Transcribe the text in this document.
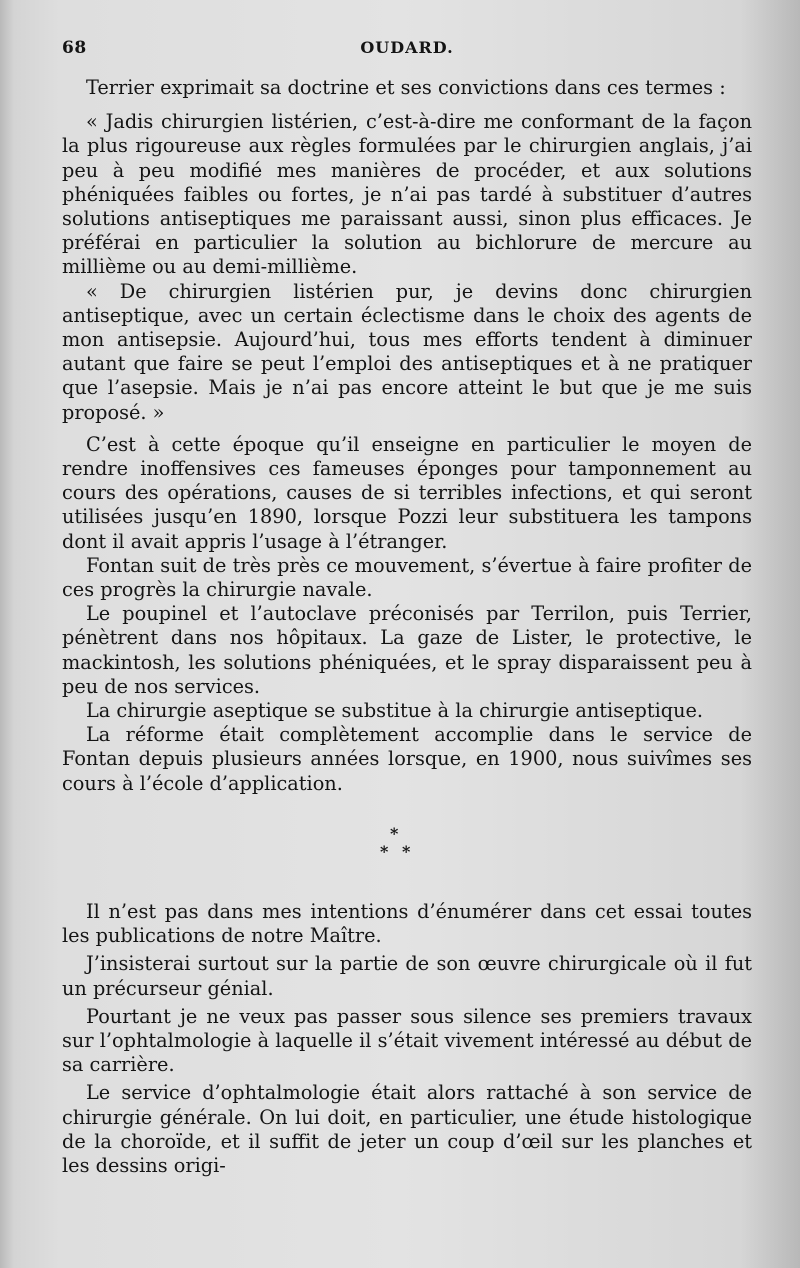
68	OUDARD.

Terrier exprimait sa doctrine et ses convictions dans ces termes :

« Jadis chirurgien listérien, c’est-à-dire me conformant de la façon la plus rigoureuse aux règles formulées par le chirurgien anglais, j’ai peu à peu modifié mes manières de procéder, et aux solutions phéniquées faibles ou fortes, je n’ai pas tardé à substituer d’autres solutions antiseptiques me paraissant aussi, sinon plus efficaces. Je préférai en particulier la solution au bichlorure de mercure au millième ou au demi-millième.

« De chirurgien listérien pur, je devins donc chirurgien antiseptique, avec un certain éclectisme dans le choix des agents de mon antisepsie. Aujourd’hui, tous mes efforts tendent à diminuer autant que faire se peut l’emploi des antiseptiques et à ne pratiquer que l’asepsie. Mais je n’ai pas encore atteint le but que je me suis proposé. »

C’est à cette époque qu’il enseigne en particulier le moyen de rendre inoffensives ces fameuses éponges pour tamponnement au cours des opérations, causes de si terribles infections, et qui seront utilisées jusqu’en 1890, lorsque Pozzi leur substituera les tampons dont il avait appris l’usage à l’étranger.

Fontan suit de très près ce mouvement, s’évertue à faire profiter de ces progrès la chirurgie navale.

Le poupinel et l’autoclave préconisés par Terrilon, puis Terrier, pénètrent dans nos hôpitaux. La gaze de Lister, le protective, le mackintosh, les solutions phéniquées, et le spray disparaissent peu à peu de nos services.

La chirurgie aseptique se substitue à la chirurgie antiseptique.

La réforme était complètement accomplie dans le service de Fontan depuis plusieurs années lorsque, en 1900, nous suivîmes ses cours à l’école d’application.

*
* *

Il n’est pas dans mes intentions d’énumérer dans cet essai toutes les publications de notre Maître.

J’insisterai surtout sur la partie de son œuvre chirurgicale où il fut un précurseur génial.

Pourtant je ne veux pas passer sous silence ses premiers travaux sur l’ophtalmologie à laquelle il s’était vivement intéressé au début de sa carrière.

Le service d’ophtalmologie était alors rattaché à son service de chirurgie générale. On lui doit, en particulier, une étude histologique de la choroïde, et il suffit de jeter un coup d’œil sur les planches et les dessins origi-
